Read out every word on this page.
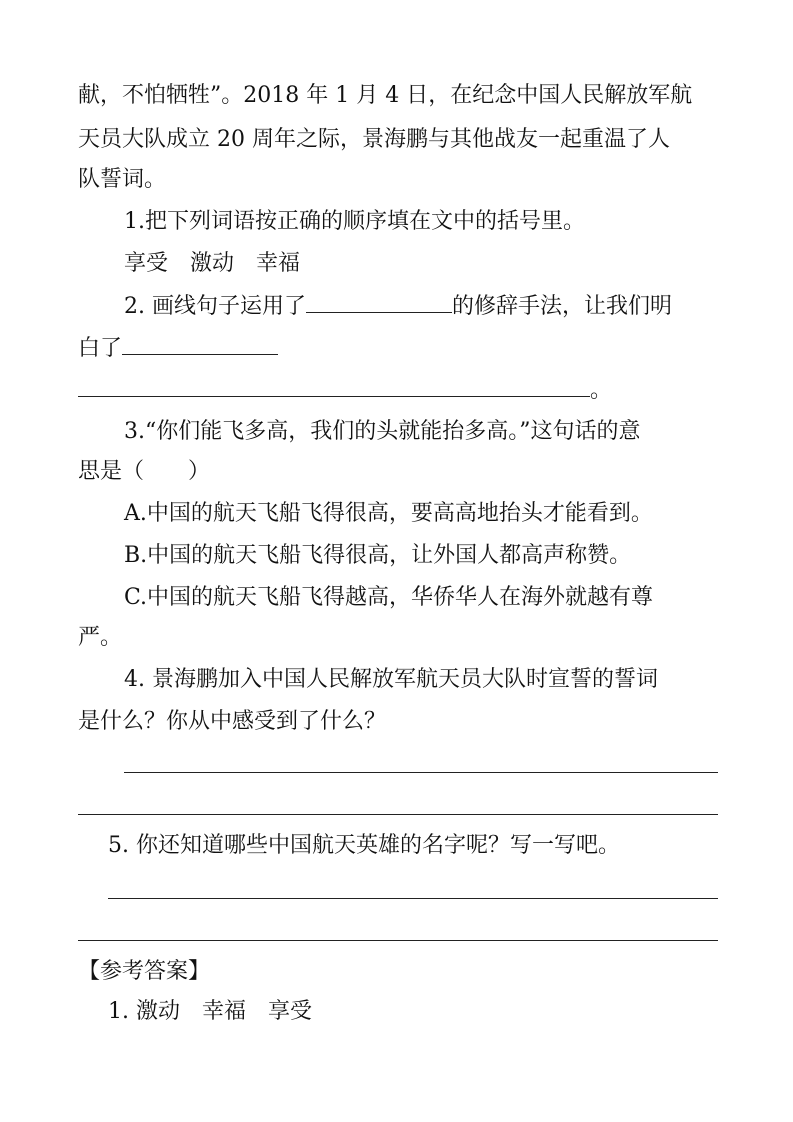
献，不怕牺牲”。2018 年 1 月 4 日，在纪念中国人民解放军航
天员大队成立 20 周年之际，景海鹏与其他战友一起重温了人
队誓词。
1.把下列词语按正确的顺序填在文中的括号里。
享受　激动　幸福
2. 画线句子运用了	的修辞手法，让我们明
白了
。
3.“你们能飞多高，我们的头就能抬多高。”这句话的意
思是（　　）
A.中国的航天飞船飞得很高，要高高地抬头才能看到。
B.中国的航天飞船飞得很高，让外国人都高声称赞。
C.中国的航天飞船飞得越高，华侨华人在海外就越有尊
严。
4. 景海鹏加入中国人民解放军航天员大队时宣誓的誓词
是什么？你从中感受到了什么？
5. 你还知道哪些中国航天英雄的名字呢？写一写吧。
【参考答案】
1. 激动　幸福　享受
